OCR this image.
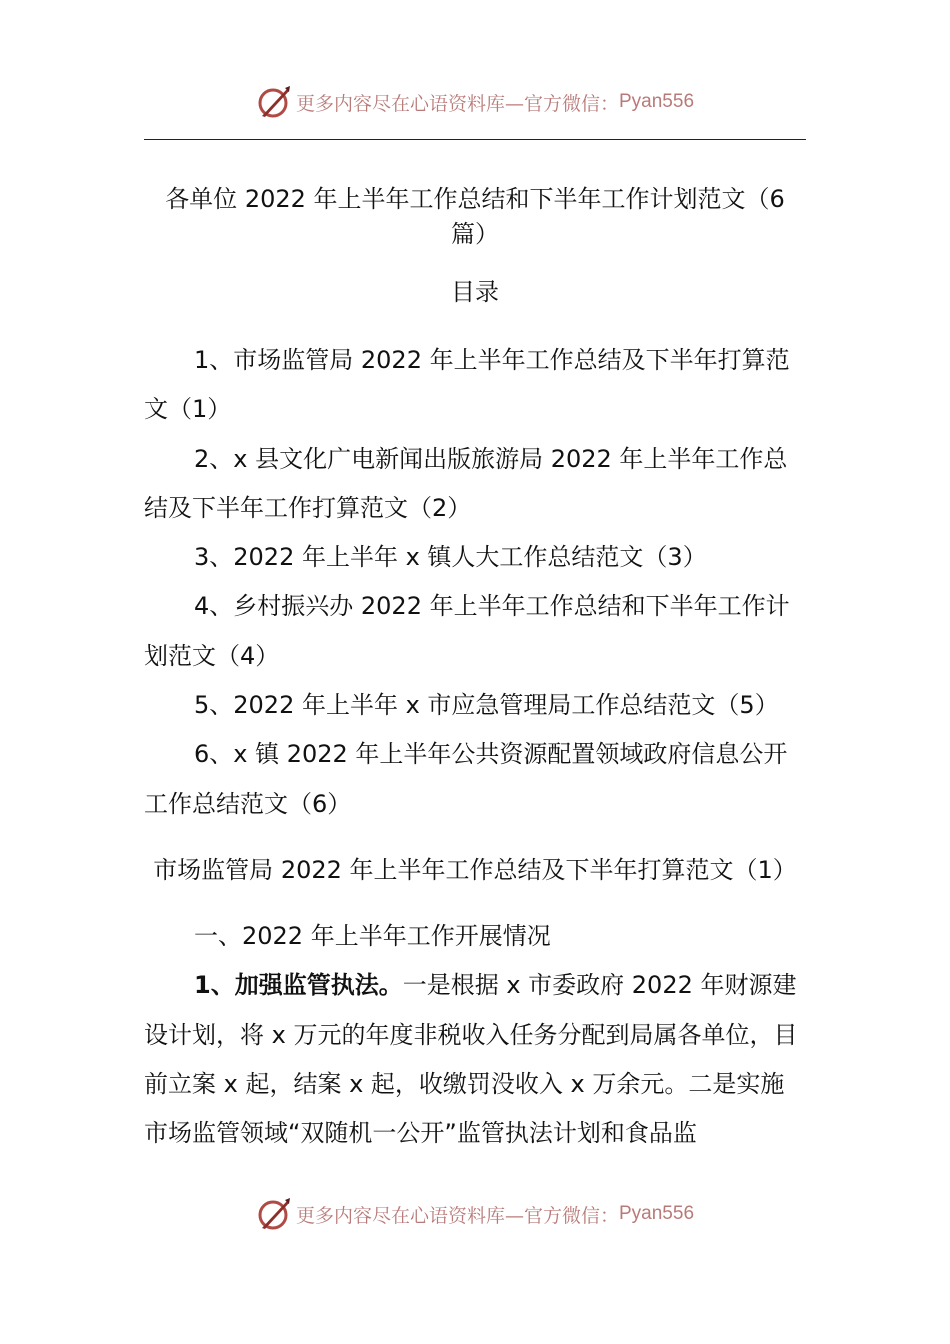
更多内容尽在心语资料库—官方微信： Pyan556

各单位 2022 年上半年工作总结和下半年工作计划范文（6 篇）

目录

1、市场监管局 2022 年上半年工作总结及下半年打算范文（1）

2、x 县文化广电新闻出版旅游局 2022 年上半年工作总结及下半年工作打算范文（2）

3、2022 年上半年 x 镇人大工作总结范文（3）

4、乡村振兴办 2022 年上半年工作总结和下半年工作计划范文（4）

5、2022 年上半年 x 市应急管理局工作总结范文（5）

6、x 镇 2022 年上半年公共资源配置领域政府信息公开工作总结范文（6）

市场监管局 2022 年上半年工作总结及下半年打算范文（1）

一、2022 年上半年工作开展情况

1、加强监管执法。一是根据 x 市委政府 2022 年财源建设计划，将 x 万元的年度非税收入任务分配到局属各单位，目前立案 x 起，结案 x 起，收缴罚没收入 x 万余元。二是实施市场监管领域“双随机一公开”监管执法计划和食品监

更多内容尽在心语资料库—官方微信： Pyan556
